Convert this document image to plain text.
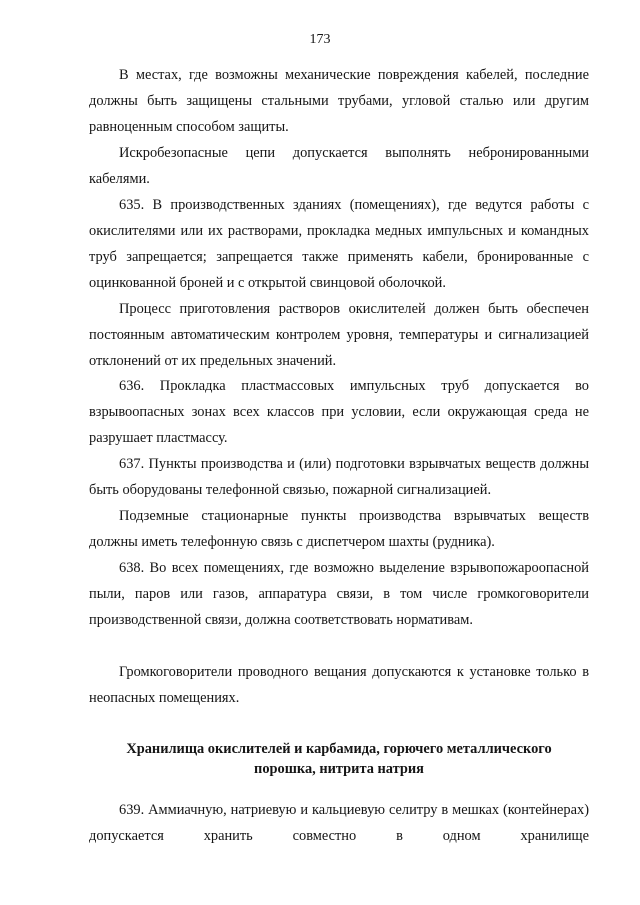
173

В местах, где возможны механические повреждения кабелей, последние должны быть защищены стальными трубами, угловой сталью или другим равноценным способом защиты.

Искробезопасные цепи допускается выполнять небронированными кабелями.

635. В производственных зданиях (помещениях), где ведутся работы с окислителями или их растворами, прокладка медных импульсных и командных труб запрещается; запрещается также применять кабели, бронированные с оцинкованной броней и с открытой свинцовой оболочкой.

Процесс приготовления растворов окислителей должен быть обеспечен постоянным автоматическим контролем уровня, температуры и сигнализацией отклонений от их предельных значений.

636. Прокладка пластмассовых импульсных труб допускается во взрывоопасных зонах всех классов при условии, если окружающая среда не разрушает пластмассу.

637. Пункты производства и (или) подготовки взрывчатых веществ должны быть оборудованы телефонной связью, пожарной сигнализацией.

Подземные стационарные пункты производства взрывчатых веществ должны иметь телефонную связь с диспетчером шахты (рудника).

638. Во всех помещениях, где возможно выделение взрывопожароопасной пыли, паров или газов, аппаратура связи, в том числе громкоговорители производственной связи, должна соответствовать нормативам.

Громкоговорители проводного вещания допускаются к установке только в неопасных помещениях.

Хранилища окислителей и карбамида, горючего металлического
порошка, нитрита натрия

639. Аммиачную, натриевую и кальциевую селитру в мешках (контейнерах) допускается хранить совместно в одном хранилище
